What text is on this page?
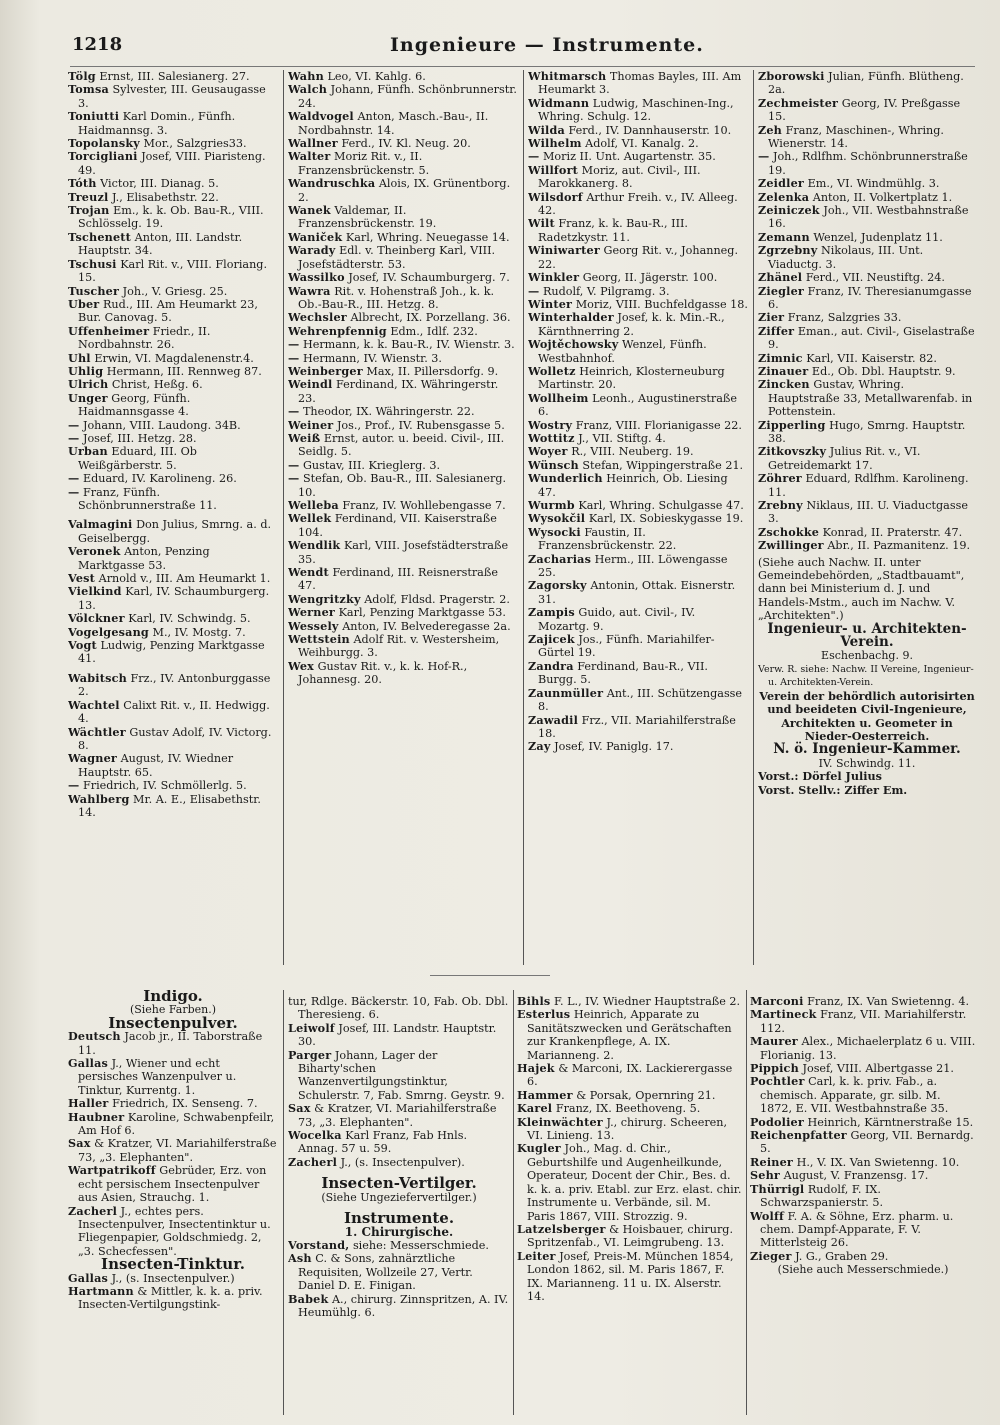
1218	Ingenieure — Instrumente.

Tölg Ernst, III. Salesianerg. 27.

Tomsa Sylvester, III. Geusaugasse 3.

Toniutti Karl Domin., Fünfh. Haidmannsg. 3.

Topolansky Mor., Salzgries33.

Torcigliani Josef, VIII. Piaristeng. 49.

Tóth Victor, III. Dianag. 5.

Treuzl J., Elisabethstr. 22.

Trojan Em., k. k. Ob. Bau-R., VIII. Schlösselg. 19.

Tschenett Anton, III. Landstr. Hauptstr. 34.

Tschusi Karl Rit. v., VIII. Floriang. 15.

Tuscher Joh., V. Griesg. 25.

Uber Rud., III. Am Heumarkt 23, Bur. Canovag. 5.

Uffenheimer Friedr., II. Nordbahnstr. 26.

Uhl Erwin, VI. Magdalenenstr.4.

Uhlig Hermann, III. Rennweg 87.

Ulrich Christ, Heßg. 6.

Unger Georg, Fünfh. Haidmannsgasse 4.

— Johann, VIII. Laudong. 34B.

— Josef, III. Hetzg. 28.

Urban Eduard, III. Ob Weißgärberstr. 5.

— Eduard, IV. Karolineng. 26.

— Franz, Fünfh. Schönbrunnerstraße 11.

Valmagini Don Julius, Smrng. a. d. Geiselbergg.

Veronek Anton, Penzing Marktgasse 53.

Vest Arnold v., III. Am Heumarkt 1.

Vielkind Karl, IV. Schaumburgerg. 13.

Völckner Karl, IV. Schwindg. 5.

Vogelgesang M., IV. Mostg. 7.

Vogt Ludwig, Penzing Marktgasse 41.

Wabitsch Frz., IV. Antonburggasse 2.

Wachtel Calixt Rit. v., II. Hedwigg. 4.

Wächtler Gustav Adolf, IV. Victorg. 8.

Wagner August, IV. Wiedner Hauptstr. 65.

— Friedrich, IV. Schmöllerlg. 5.

Wahlberg Mr. A. E., Elisabethstr. 14.

Wahn Leo, VI. Kahlg. 6.

Walch Johann, Fünfh. Schönbrunnerstr. 24.

Waldvogel Anton, Masch.-Bau-, II. Nordbahnstr. 14.

Wallner Ferd., IV. Kl. Neug. 20.

Walter Moriz Rit. v., II. Franzensbrückenstr. 5.

Wandruschka Alois, IX. Grünentborg. 2.

Wanek Valdemar, II. Franzensbrückenstr. 19.

Waniček Karl, Whring. Neuegasse 14.

Warady Edl. v. Theinberg Karl, VIII. Josefstädterstr. 53.

Wassilko Josef, IV. Schaumburgerg. 7.

Wawra Rit. v. Hohenstraß Joh., k. k. Ob.-Bau-R., III. Hetzg. 8.

Wechsler Albrecht, IX. Porzellang. 36.

Wehrenpfennig Edm., Idlf. 232.

— Hermann, k. k. Bau-R., IV. Wienstr. 3.

— Hermann, IV. Wienstr. 3.

Weinberger Max, II. Pillersdorfg. 9.

Weindl Ferdinand, IX. Währingerstr. 23.

— Theodor, IX. Währingerstr. 22.

Weiner Jos., Prof., IV. Rubensgasse 5.

Weiß Ernst, autor. u. beeid. Civil-, III. Seidlg. 5.

— Gustav, III. Krieglerg. 3.

— Stefan, Ob. Bau-R., III. Salesianerg. 10.

Welleba Franz, IV. Wohllebengasse 7.

Wellek Ferdinand, VII. Kaiserstraße 104.

Wendlik Karl, VIII. Josefstädterstraße 35.

Wendt Ferdinand, III. Reisnerstraße 47.

Wengritzky Adolf, Fldsd. Pragerstr. 2.

Werner Karl, Penzing Marktgasse 53.

Wessely Anton, IV. Belvederegasse 2a.

Wettstein Adolf Rit. v. Westersheim, Weihburgg. 3.

Wex Gustav Rit. v., k. k. Hof-R., Johannesg. 20.

Whitmarsch Thomas Bayles, III. Am Heumarkt 3.

Widmann Ludwig, Maschinen-Ing., Whring. Schulg. 12.

Wilda Ferd., IV. Dannhauserstr. 10.

Wilhelm Adolf, VI. Kanalg. 2.

— Moriz II. Unt. Augartenstr. 35.

Willfort Moriz, aut. Civil-, III. Marokkanerg. 8.

Wilsdorf Arthur Freih. v., IV. Alleeg. 42.

Wilt Franz, k. k. Bau-R., III. Radetzkystr. 11.

Winiwarter Georg Rit. v., Johanneg. 22.

Winkler Georg, II. Jägerstr. 100.

— Rudolf, V. Pilgramg. 3.

Winter Moriz, VIII. Buchfeldgasse 18.

Winterhalder Josef, k. k. Min.-R., Kärnthnerring 2.

Wojtěchowsky Wenzel, Fünfh. Westbahnhof.

Wolletz Heinrich, Klosterneuburg Martinstr. 20.

Wollheim Leonh., Augustinerstraße 6.

Wostry Franz, VIII. Florianigasse 22.

Wottitz J., VII. Stiftg. 4.

Woyer R., VIII. Neuberg. 19.

Wünsch Stefan, Wippingerstraße 21.

Wunderlich Heinrich, Ob. Liesing 47.

Wurmb Karl, Whring. Schulgasse 47.

Wysokčil Karl, IX. Sobieskygasse 19.

Wysocki Faustin, II. Franzensbrückenstr. 22.

Zacharias Herm., III. Löwengasse 25.

Zagorsky Antonin, Ottak. Eisnerstr. 31.

Zampis Guido, aut. Civil-, IV. Mozartg. 9.

Zajicek Jos., Fünfh. Mariahilfer-Gürtel 19.

Zandra Ferdinand, Bau-R., VII. Burgg. 5.

Zaunmüller Ant., III. Schützengasse 8.

Zawadil Frz., VII. Mariahilferstraße 18.

Zay Josef, IV. Paniglg. 17.

Zborowski Julian, Fünfh. Blütheng. 2a.

Zechmeister Georg, IV. Preßgasse 15.

Zeh Franz, Maschinen-, Whring. Wienerstr. 14.

— Joh., Rdlfhm. Schönbrunnerstraße 19.

Zeidler Em., VI. Windmühlg. 3.

Zelenka Anton, II. Volkertplatz 1.

Zeiniczek Joh., VII. Westbahnstraße 16.

Zemann Wenzel, Judenplatz 11.

Zgrzebny Nikolaus, III. Unt. Viaductg. 3.

Zhänel Ferd., VII. Neustiftg. 24.

Ziegler Franz, IV. Theresianumgasse 6.

Zier Franz, Salzgries 33.

Ziffer Eman., aut. Civil-, Giselastraße 9.

Zimnic Karl, VII. Kaiserstr. 82.

Zinauer Ed., Ob. Dbl. Hauptstr. 9.

Zincken Gustav, Whring. Hauptstraße 33, Metallwarenfab. in Pottenstein.

Zipperling Hugo, Smrng. Hauptstr. 38.

Zitkovszky Julius Rit. v., VI. Getreidemarkt 17.

Zöhrer Eduard, Rdlfhm. Karolineng. 11.

Zrebny Niklaus, III. U. Viaductgasse 3.

Zschokke Konrad, II. Praterstr. 47.

Zwillinger Abr., II. Pazmanitenz. 19.

(Siehe auch Nachw. II. unter Gemeindebehörden, „Stadtbauamt", dann bei Ministerium d. J. und Handels-Mstm., auch im Nachw. V. „Architekten".)

Ingenieur- u. Architekten-Verein.

Eschenbachg. 9.

Verw. R. siehe: Nachw. II Vereine, Ingenieur- u. Architekten-Verein.

Verein der behördlich autorisirten und beeideten Civil-Ingenieure, Architekten u. Geometer in Nieder-Oesterreich.

N. ö. Ingenieur-Kammer.

IV. Schwindg. 11.

Vorst.: Dörfel Julius

Vorst. Stellv.: Ziffer Em.

Indigo.

(Siehe Farben.)

Insectenpulver.

Deutsch Jacob jr., II. Taborstraße 11.

Gallas J., Wiener und echt persisches Wanzenpulver u. Tinktur, Kurrentg. 1.

Haller Friedrich, IX. Senseng. 7.

Haubner Karoline, Schwabenpfeilr, Am Hof 6.

Sax & Kratzer, VI. Mariahilferstraße 73, „3. Elephanten".

Wartpatrikoff Gebrüder, Erz. von echt persischem Insectenpulver aus Asien, Strauchg. 1.

Zacherl J., echtes pers. Insectenpulver, Insectentinktur u. Fliegenpapier, Goldschmiedg. 2, „3. Schecfessen".

Insecten-Tinktur.

Gallas J., (s. Insectenpulver.)

Hartmann & Mittler, k. k. a. priv. Insecten-Vertilgungstink-

tur, Rdlge. Bäckerstr. 10, Fab. Ob. Dbl. Theresieng. 6.

Leiwolf Josef, III. Landstr. Hauptstr. 30.

Parger Johann, Lager der Biharty'schen Wanzenvertilgungstinktur, Schulerstr. 7, Fab. Smrng. Geystr. 9.

Sax & Kratzer, VI. Mariahilferstraße 73, „3. Elephanten".

Wocelka Karl Franz, Fab Hnls. Annag. 57 u. 59.

Zacherl J., (s. Insectenpulver).

Insecten-Vertilger.

(Siehe Ungeziefervertilger.)

Instrumente.

1. Chirurgische.

Vorstand, siehe: Messerschmiede.

Ash C. & Sons, zahnärztliche Requisiten, Wollzeile 27, Vertr. Daniel D. E. Finigan.

Babek A., chirurg. Zinnspritzen, A. IV. Heumühlg. 6.

Bihls F. L., IV. Wiedner Hauptstraße 2.

Esterlus Heinrich, Apparate zu Sanitätszwecken und Gerätschaften zur Krankenpflege, A. IX. Marianneng. 2.

Hajek & Marconi, IX. Lackierergasse 6.

Hammer & Porsak, Opernring 21.

Karel Franz, IX. Beethoveng. 5.

Kleinwächter J., chirurg. Scheeren, VI. Linieng. 13.

Kugler Joh., Mag. d. Chir., Geburtshilfe und Augenheilkunde, Operateur, Docent der Chir., Bes. d. k. k. a. priv. Etabl. zur Erz. elast. chir. Instrumente u. Verbände, sil. M. Paris 1867, VIII. Strozzig. 9.

Latzelsberger & Hoisbauer, chirurg. Spritzenfab., VI. Leimgrubeng. 13.

Leiter Josef, Preis-M. München 1854, London 1862, sil. M. Paris 1867, F. IX. Marianneng. 11 u. IX. Alserstr. 14.

Marconi Franz, IX. Van Swietenng. 4.

Martineck Franz, VII. Mariahilferstr. 112.

Maurer Alex., Michaelerplatz 6 u. VIII. Florianig. 13.

Pippich Josef, VIII. Albertgasse 21.

Pochtler Carl, k. k. priv. Fab., a. chemisch. Apparate, gr. silb. M. 1872, E. VII. Westbahnstraße 35.

Podolier Heinrich, Kärntnerstraße 15.

Reichenpfatter Georg, VII. Bernardg. 5.

Reiner H., V. IX. Van Swietenng. 10.

Sehr August, V. Franzensg. 17.

Thürrigl Rudolf, F. IX. Schwarzspanierstr. 5.

Wolff F. A. & Söhne, Erz. pharm. u. chem. Dampf-Apparate, F. V. Mitterlsteig 26.

Zieger J. G., Graben 29.

(Siehe auch Messerschmiede.)
